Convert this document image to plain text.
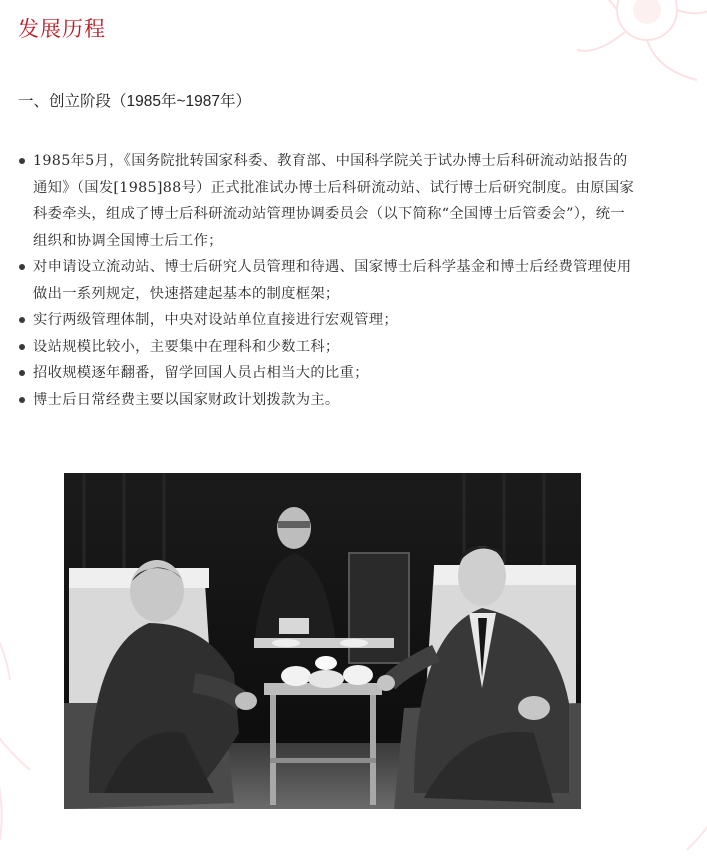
发展历程
一、创立阶段（1985年~1987年）
1985年5月，《国务院批转国家科委、教育部、中国科学院关于试办博士后科研流动站报告的通知》（国发[1985]88号）正式批准试办博士后科研流动站、试行博士后研究制度。由原国家科委牵头，组成了博士后科研流动站管理协调委员会（以下简称“全国博士后管委会”），统一组织和协调全国博士后工作；
对申请设立流动站、博士后研究人员管理和待遇、国家博士后科学基金和博士后经费管理使用做出一系列规定，快速搭建起基本的制度框架；
实行两级管理体制，中央对设站单位直接进行宏观管理；
设站规模比较小，主要集中在理科和少数工科；
招收规模逐年翻番，留学回国人员占相当大的比重；
博士后日常经费主要以国家财政计划拨款为主。
